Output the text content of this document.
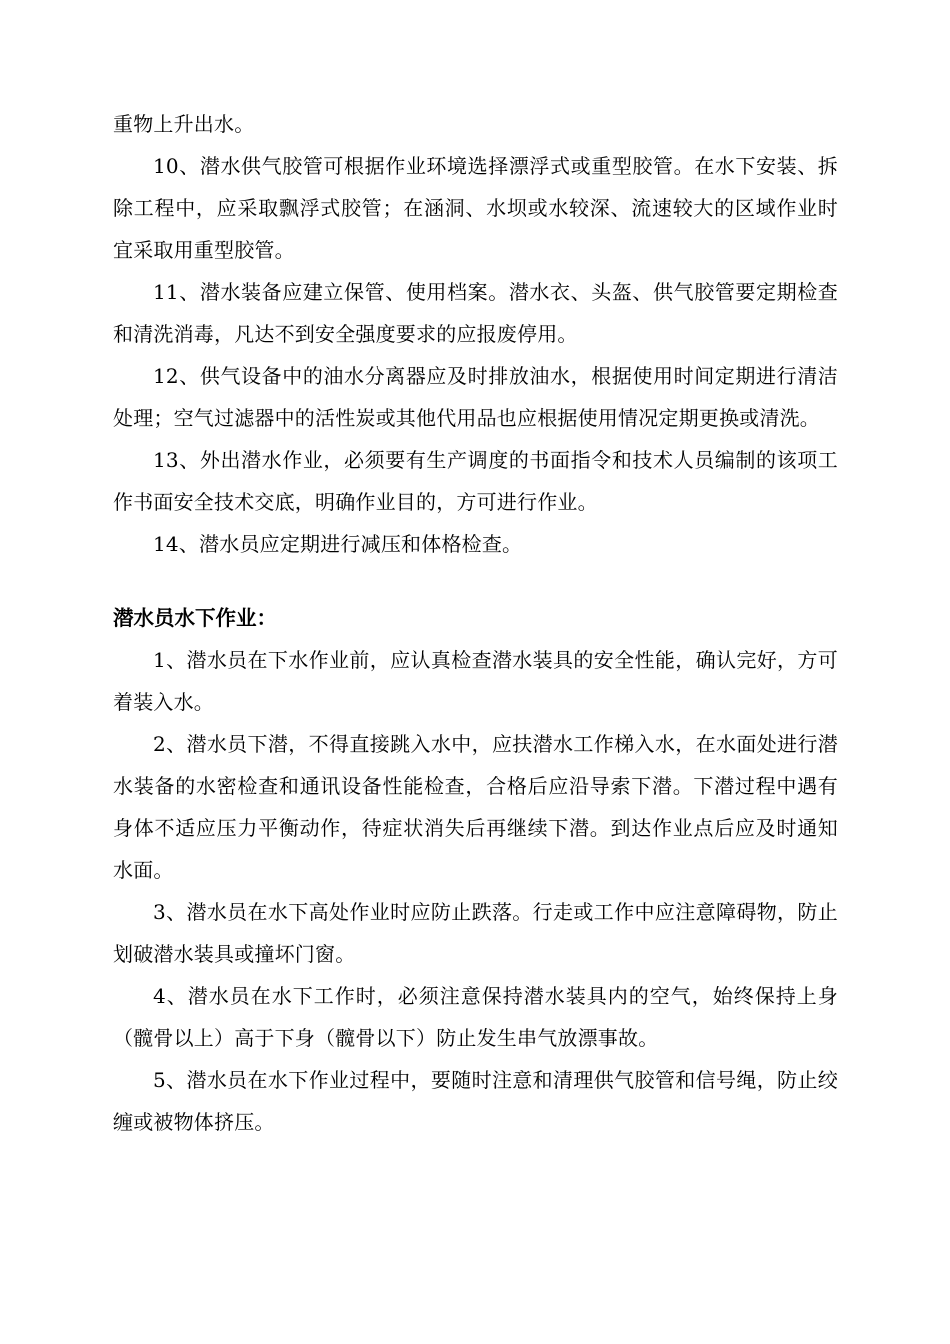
重物上升出水。

10、潜水供气胶管可根据作业环境选择漂浮式或重型胶管。在水下安装、拆除工程中，应采取飘浮式胶管；在涵洞、水坝或水较深、流速较大的区域作业时宜采取用重型胶管。

11、潜水装备应建立保管、使用档案。潜水衣、头盔、供气胶管要定期检查和清洗消毒，凡达不到安全强度要求的应报废停用。

12、供气设备中的油水分离器应及时排放油水，根据使用时间定期进行清洁处理；空气过滤器中的活性炭或其他代用品也应根据使用情况定期更换或清洗。

13、外出潜水作业，必须要有生产调度的书面指令和技术人员编制的该项工作书面安全技术交底，明确作业目的，方可进行作业。

14、潜水员应定期进行减压和体格检查。

潜水员水下作业：

1、潜水员在下水作业前，应认真检查潜水装具的安全性能，确认完好，方可着装入水。

2、潜水员下潜，不得直接跳入水中，应扶潜水工作梯入水，在水面处进行潜水装备的水密检查和通讯设备性能检查，合格后应沿导索下潜。下潜过程中遇有身体不适应压力平衡动作，待症状消失后再继续下潜。到达作业点后应及时通知水面。

3、潜水员在水下高处作业时应防止跌落。行走或工作中应注意障碍物，防止划破潜水装具或撞坏门窗。

4、潜水员在水下工作时，必须注意保持潜水装具内的空气，始终保持上身（髋骨以上）高于下身（髋骨以下）防止发生串气放漂事故。

5、潜水员在水下作业过程中，要随时注意和清理供气胶管和信号绳，防止绞缠或被物体挤压。
